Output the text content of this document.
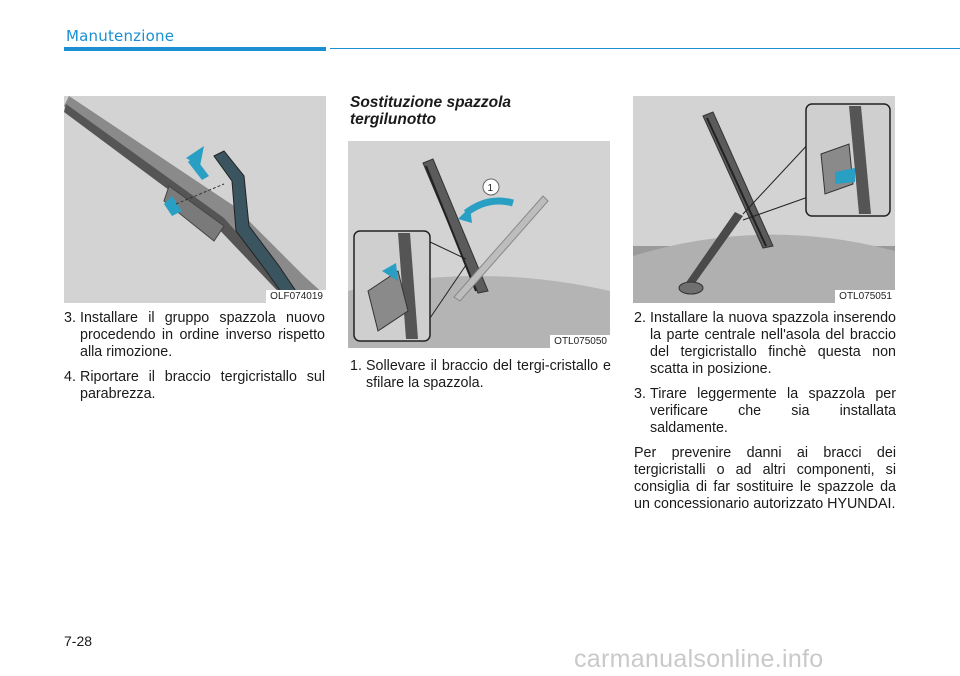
Manutenzione
OLF074019
1
OTL075050
OTL075051
3. Installare il gruppo spazzola nuovo procedendo in ordine inverso rispetto alla rimozione.
4. Riportare il braccio tergicristallo sul parabrezza.
Sostituzione spazzola tergilunotto
1. Sollevare il braccio del tergi-cristallo e sfilare la spazzola.
2. Installare la nuova spazzola inserendo la parte centrale nell'asola del braccio del tergicristallo finchè questa non scatta in posizione.
3. Tirare leggermente la spazzola per verificare che sia installata saldamente.
Per prevenire danni ai bracci dei tergicristalli o ad altri componenti, si consiglia di far sostituire le spazzole da un concessionario autorizzato HYUNDAI.
7-28
carmanualsonline.info
